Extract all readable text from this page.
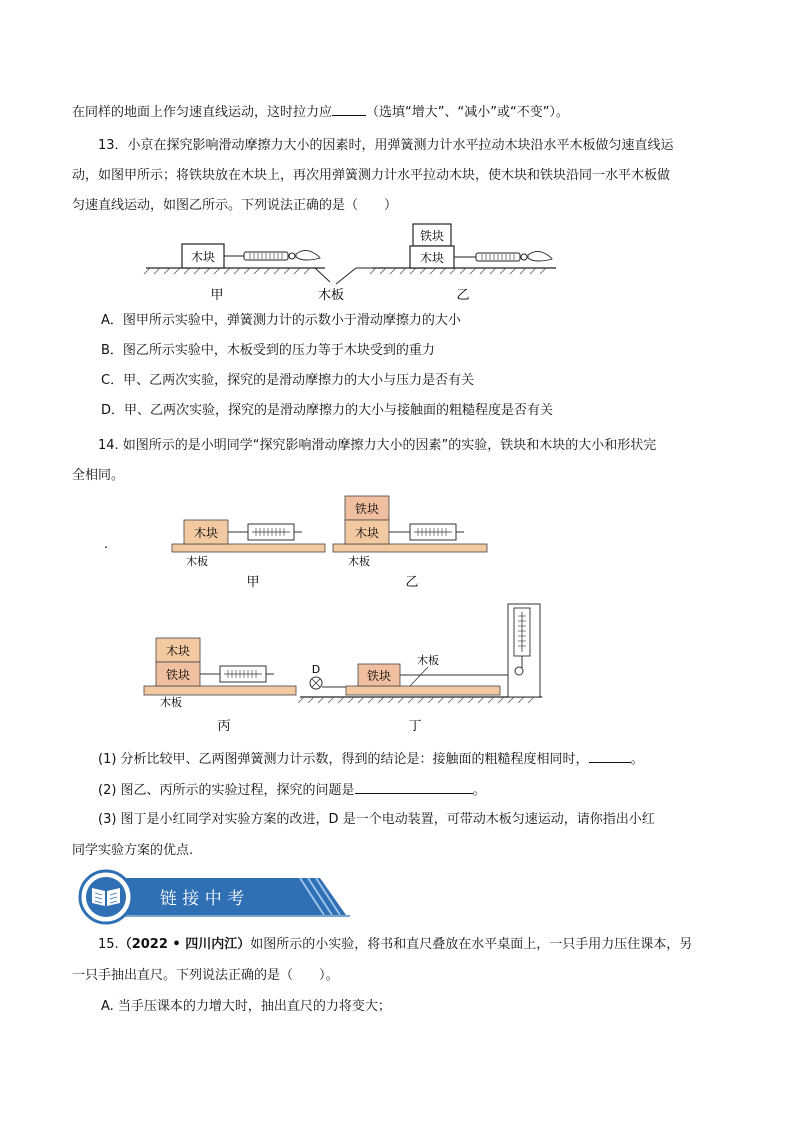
在同样的地面上作匀速直线运动，这时拉力应	（选填“增大”、“减小”或“不变”）。
13．小京在探究影响滑动摩擦力大小的因素时，用弹簧测力计水平拉动木块沿水平木板做匀速直线运
动，如图甲所示；将铁块放在木块上，再次用弹簧测力计水平拉动木块，使木块和铁块沿同一水平木板做
匀速直线运动，如图乙所示。下列说法正确的是（　　）
木块
甲	木板
铁块
木块
乙
A．图甲所示实验中，弹簧测力计的示数小于滑动摩擦力的大小
B．图乙所示实验中，木板受到的压力等于木块受到的重力
C．甲、乙两次实验，探究的是滑动摩擦力的大小与压力是否有关
D．甲、乙两次实验，探究的是滑动摩擦力的大小与接触面的粗糙程度是否有关
14. 如图所示的是小明同学“探究影响滑动摩擦力大小的因素”的实验，铁块和木块的大小和形状完
全相同。
.
木块
木板
甲
铁块
木块
木板
乙
木块
铁块
木板
丙
D	铁块
木板
丁
(1) 分析比较甲、乙两图弹簧测力计示数，得到的结论是：接触面的粗糙程度相同时，	。
(2) 图乙、丙所示的实验过程，探究的问题是	。
(3) 图丁是小红同学对实验方案的改进，D 是一个电动装置，可带动木板匀速运动，请你指出小红
同学实验方案的优点.
链 接 中 考
15.（2022 • 四川内江）如图所示的小实验，将书和直尺叠放在水平桌面上，一只手用力压住课本，另
一只手抽出直尺。下列说法正确的是（　　）。
A. 当手压课本的力增大时，抽出直尺的力将变大；
